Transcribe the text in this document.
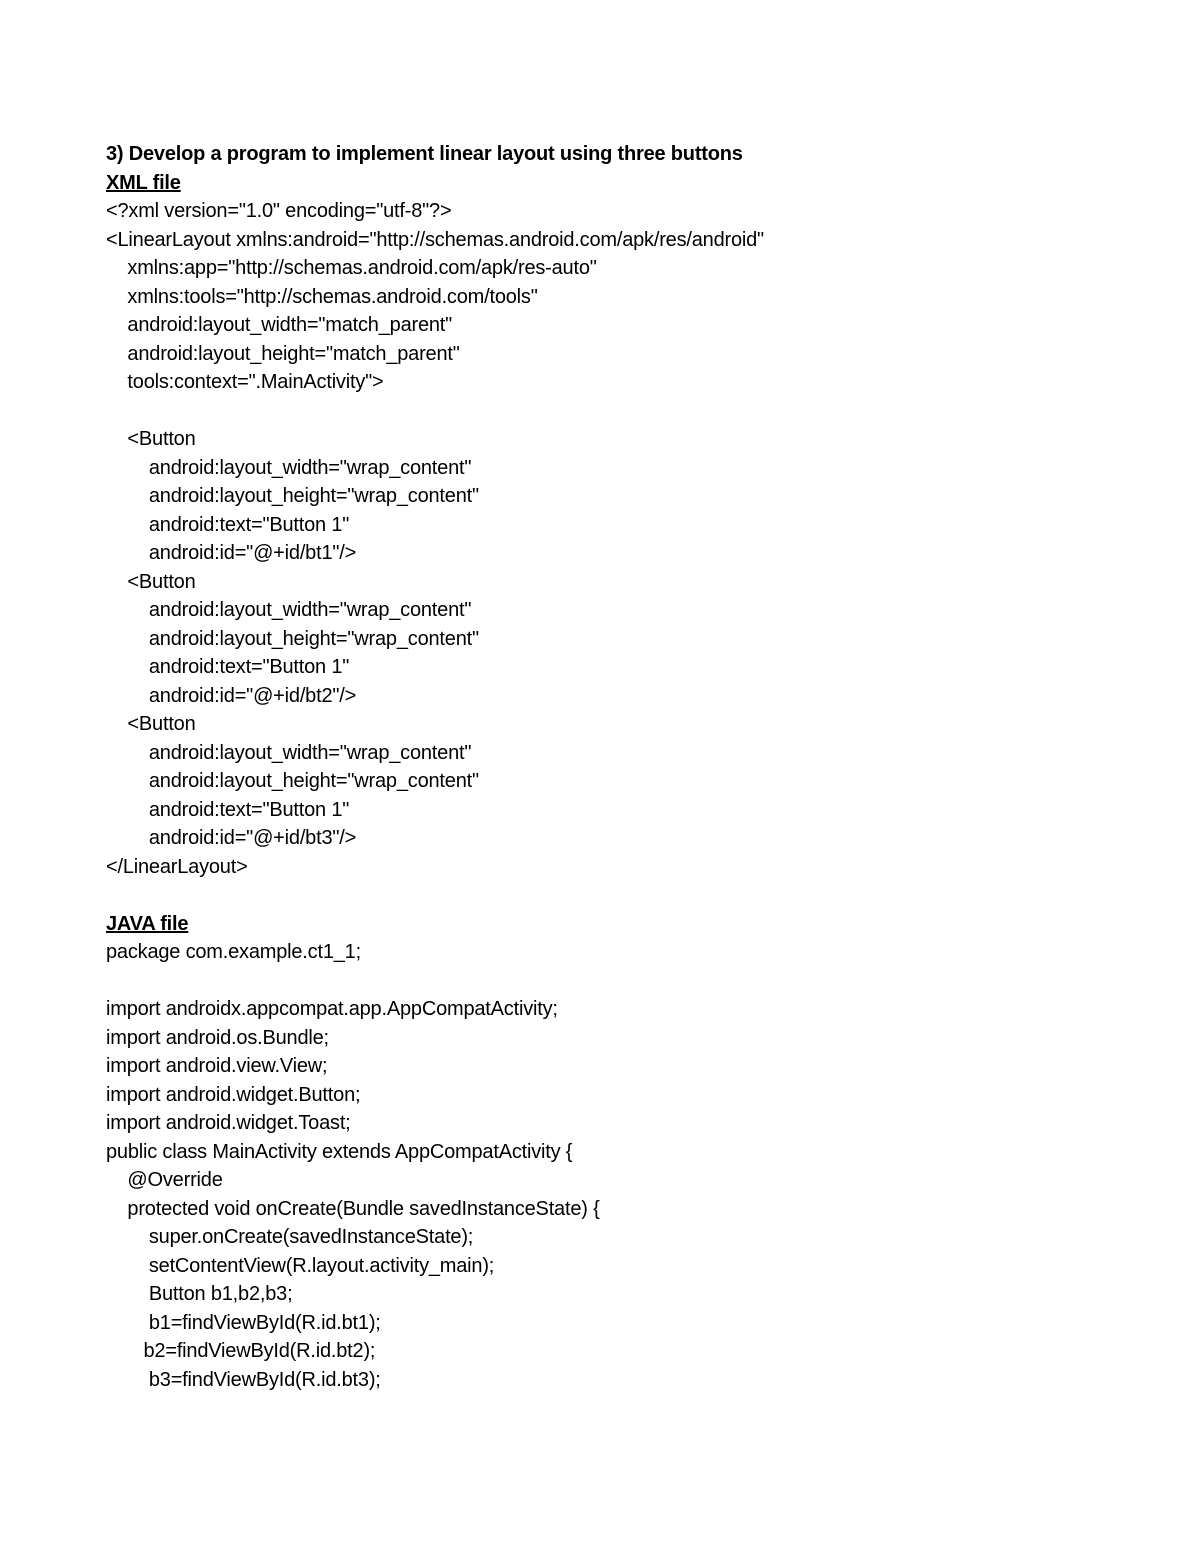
3) Develop a program to implement linear layout using three buttons
XML file
<?xml version="1.0" encoding="utf-8"?>
<LinearLayout xmlns:android="http://schemas.android.com/apk/res/android"
xmlns:app="http://schemas.android.com/apk/res-auto"
xmlns:tools="http://schemas.android.com/tools"
android:layout_width="match_parent"
android:layout_height="match_parent"
tools:context=".MainActivity">
<Button
android:layout_width="wrap_content"
android:layout_height="wrap_content"
android:text="Button 1"
android:id="@+id/bt1"/>
<Button
android:layout_width="wrap_content"
android:layout_height="wrap_content"
android:text="Button 1"
android:id="@+id/bt2"/>
<Button
android:layout_width="wrap_content"
android:layout_height="wrap_content"
android:text="Button 1"
android:id="@+id/bt3"/>
</LinearLayout>
JAVA file
package com.example.ct1_1;
import androidx.appcompat.app.AppCompatActivity;
import android.os.Bundle;
import android.view.View;
import android.widget.Button;
import android.widget.Toast;
public class MainActivity extends AppCompatActivity {
@Override
protected void onCreate(Bundle savedInstanceState) {
super.onCreate(savedInstanceState);
setContentView(R.layout.activity_main);
Button b1,b2,b3;
b1=findViewById(R.id.bt1);
b2=findViewById(R.id.bt2);
b3=findViewById(R.id.bt3);
